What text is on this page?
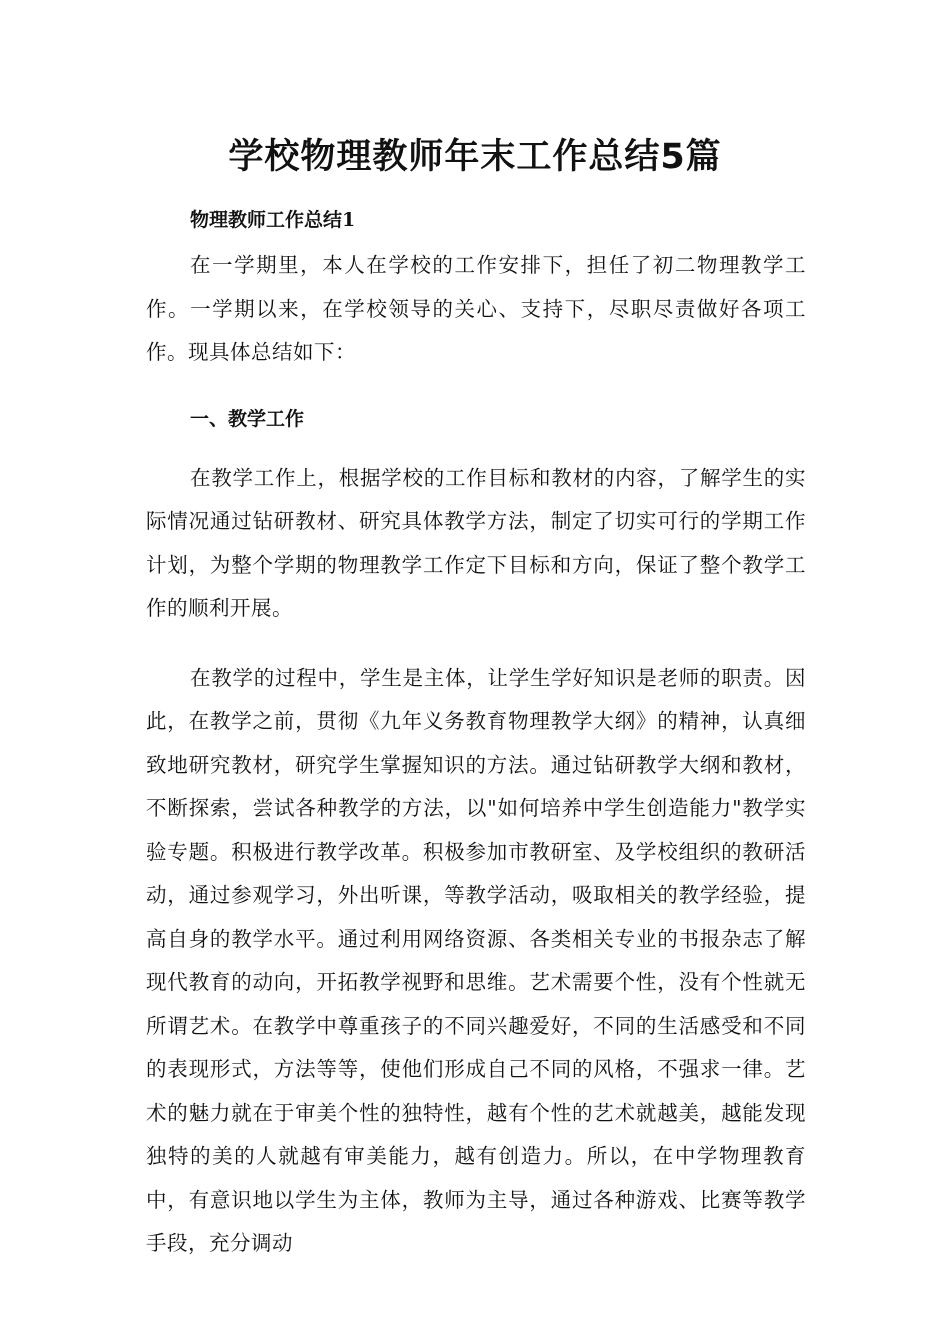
学校物理教师年末工作总结5篇

物理教师工作总结1

在一学期里，本人在学校的工作安排下，担任了初二物理教学工作。一学期以来，在学校领导的关心、支持下，尽职尽责做好各项工作。现具体总结如下：

一、教学工作

在教学工作上，根据学校的工作目标和教材的内容，了解学生的实际情况通过钻研教材、研究具体教学方法，制定了切实可行的学期工作计划，为整个学期的物理教学工作定下目标和方向，保证了整个教学工作的顺利开展。

在教学的过程中，学生是主体，让学生学好知识是老师的职责。因此，在教学之前，贯彻《九年义务教育物理教学大纲》的精神，认真细致地研究教材，研究学生掌握知识的方法。通过钻研教学大纲和教材，不断探索，尝试各种教学的方法，以"如何培养中学生创造能力"教学实验专题。积极进行教学改革。积极参加市教研室、及学校组织的教研活动，通过参观学习，外出听课，等教学活动，吸取相关的教学经验，提高自身的教学水平。通过利用网络资源、各类相关专业的书报杂志了解现代教育的动向，开拓教学视野和思维。艺术需要个性，没有个性就无所谓艺术。在教学中尊重孩子的不同兴趣爱好，不同的生活感受和不同的表现形式，方法等等，使他们形成自己不同的风格，不强求一律。艺术的魅力就在于审美个性的独特性，越有个性的艺术就越美，越能发现独特的美的人就越有审美能力，越有创造力。所以，在中学物理教育中，有意识地以学生为主体，教师为主导，通过各种游戏、比赛等教学手段，充分调动
